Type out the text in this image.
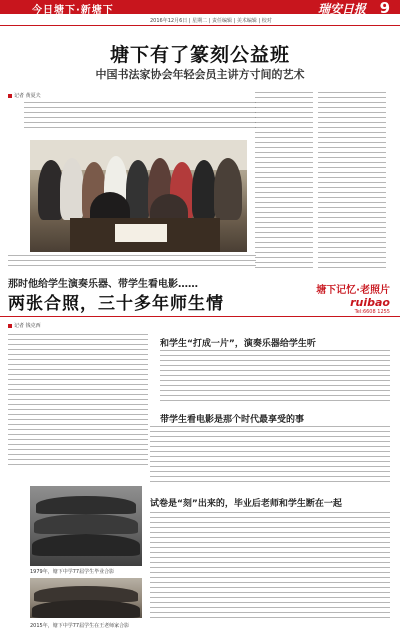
今日塘下·新塘下	瑞安日报 9
2016年12月6日 | 星期二 | 责任编辑 | 美术编辑 | 校对
塘下有了篆刻公益班
中国书法家协会年轻会员主讲方寸间的艺术
记者 黄夏夫
那时他给学生演奏乐器、带学生看电影……
两张合照，三十多年师生情
塘下记忆·老照片
ruibao
Tel:6608 1255
记者 钱克西
和学生“打成一片”，演奏乐器给学生听
带学生看电影是那个时代最享受的事
1979年，塘下中学77届学生毕业合影
试卷是“刻”出来的，毕业后老师和学生断在一起
2015年，塘下中学77届学生在王老师家合影
